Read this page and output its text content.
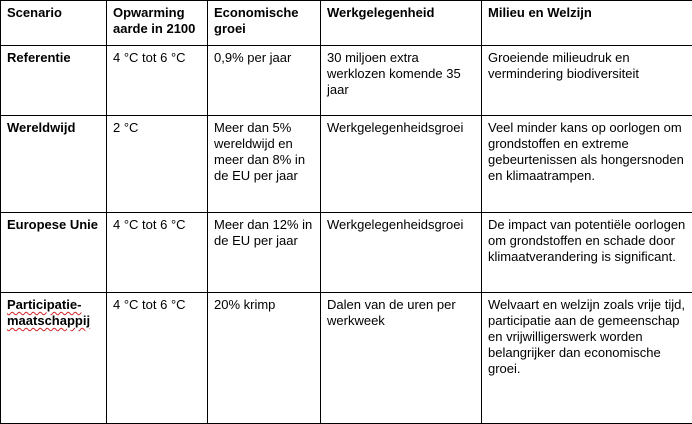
Scenario	Opwarming aarde in 2100	Economische groei	Werkgelegenheid	Milieu en Welzijn
Referentie	4 °C tot 6 °C	0,9% per jaar	30 miljoen extra werklozen komende 35 jaar	Groeiende milieudruk en vermindering biodiversiteit
Wereldwijd	2 °C	Meer dan 5% wereldwijd en meer dan 8% in de EU per jaar	Werkgelegenheidsgroei	Veel minder kans op oorlogen om grondstoffen en extreme gebeurtenissen als hongersnoden en klimaatrampen.
Europese Unie	4 °C tot 6 °C	Meer dan 12% in de EU per jaar	Werkgelegenheidsgroei	De impact van potentiële oorlogen om grondstoffen en schade door klimaatverandering is significant.
Participatie-maatschappij	4 °C tot 6 °C	20% krimp	Dalen van de uren per werkweek	Welvaart en welzijn zoals vrije tijd, participatie aan de gemeenschap en vrijwilligerswerk worden belangrijker dan economische groei.
